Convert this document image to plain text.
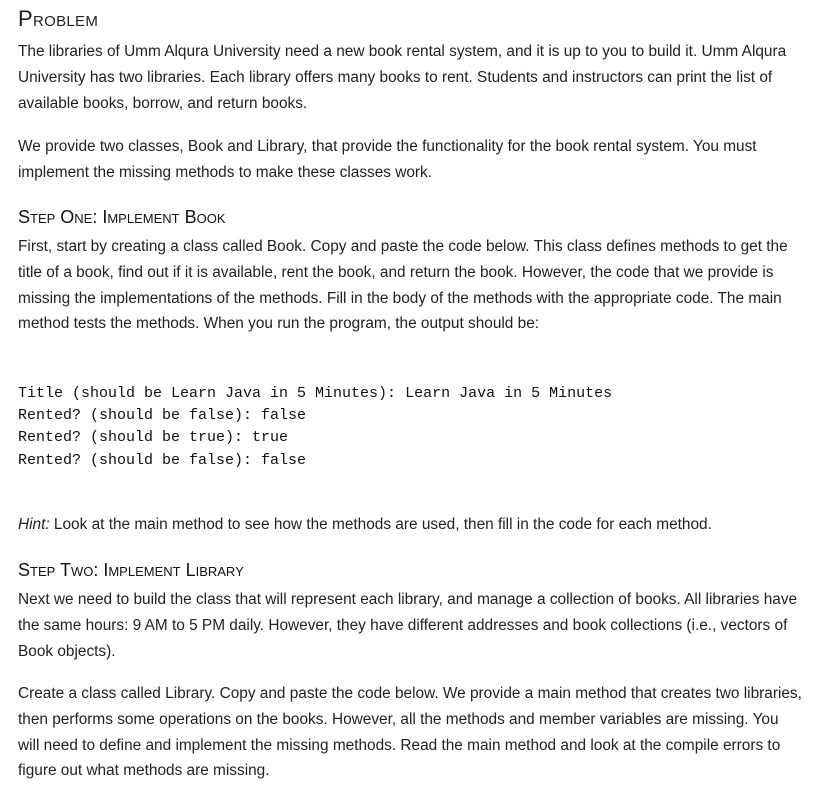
Problem

The libraries of Umm Alqura University need a new book rental system, and it is up to you to build it. Umm Alqura University has two libraries. Each library offers many books to rent. Students and instructors can print the list of available books, borrow, and return books.

We provide two classes, Book and Library, that provide the functionality for the book rental system. You must implement the missing methods to make these classes work.

Step One: Implement Book

First, start by creating a class called Book. Copy and paste the code below. This class defines methods to get the title of a book, find out if it is available, rent the book, and return the book. However, the code that we provide is missing the implementations of the methods. Fill in the body of the methods with the appropriate code. The main method tests the methods. When you run the program, the output should be:

Title (should be Learn Java in 5 Minutes): Learn Java in 5 Minutes
Rented? (should be false): false
Rented? (should be true): true
Rented? (should be false): false

Hint: Look at the main method to see how the methods are used, then fill in the code for each method.

Step Two: Implement Library

Next we need to build the class that will represent each library, and manage a collection of books. All libraries have the same hours: 9 AM to 5 PM daily. However, they have different addresses and book collections (i.e., vectors of Book objects).

Create a class called Library. Copy and paste the code below. We provide a main method that creates two libraries, then performs some operations on the books. However, all the methods and member variables are missing. You will need to define and implement the missing methods. Read the main method and look at the compile errors to figure out what methods are missing.
